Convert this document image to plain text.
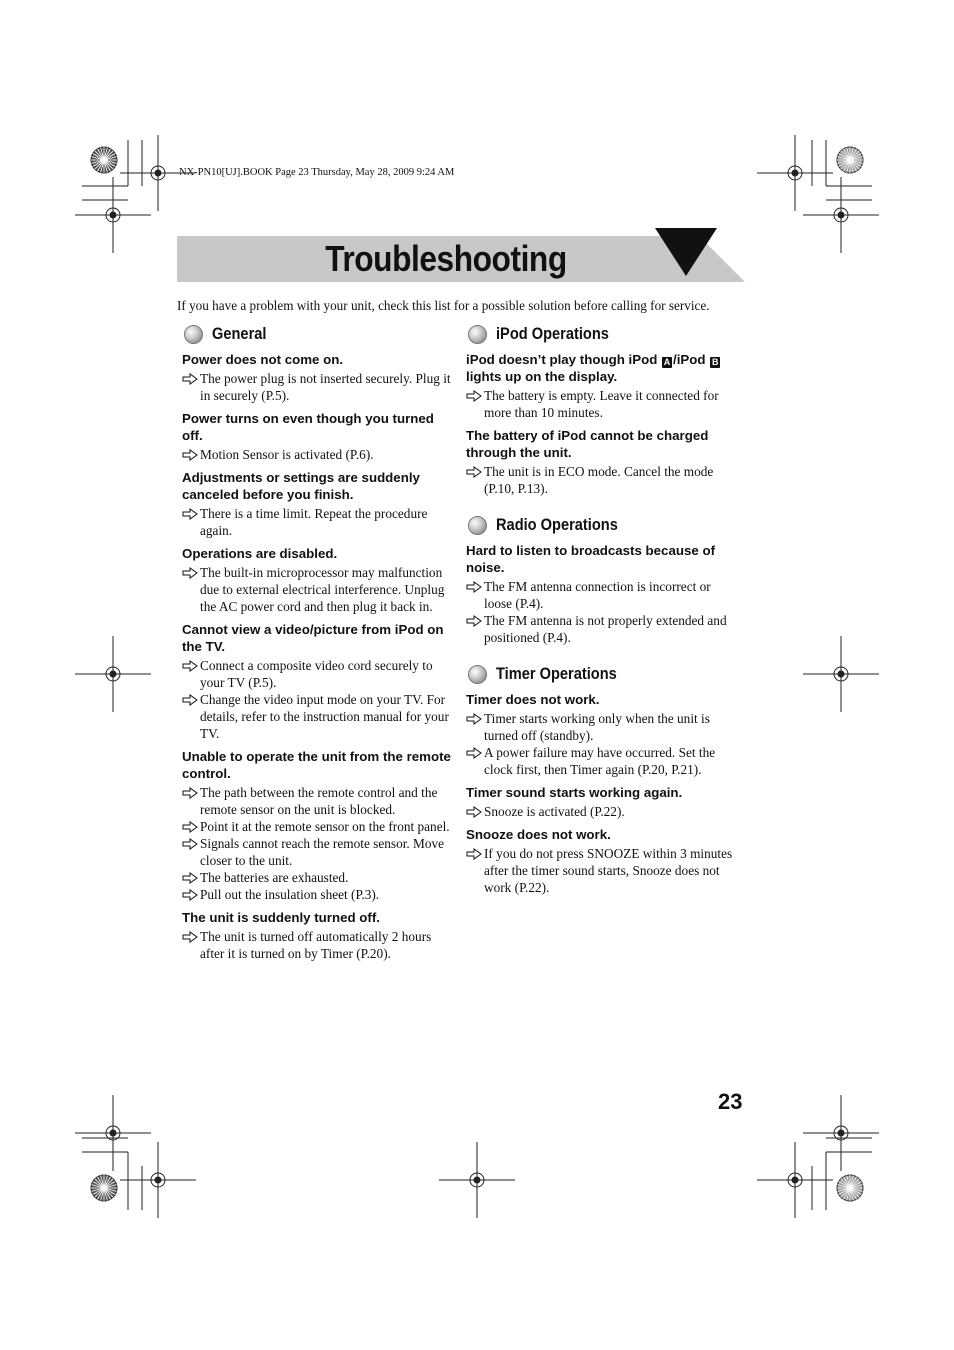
NX-PN10[UJ].BOOK Page 23 Thursday, May 28, 2009 9:24 AM
Troubleshooting
If you have a problem with your unit, check this list for a possible solution before calling for service.
General
Power does not come on.
The power plug is not inserted securely. Plug it in securely (P.5).
Power turns on even though you turned off.
Motion Sensor is activated (P.6).
Adjustments or settings are suddenly canceled before you finish.
There is a time limit. Repeat the procedure again.
Operations are disabled.
The built-in microprocessor may malfunction due to external electrical interference. Unplug the AC power cord and then plug it back in.
Cannot view a video/picture from iPod on the TV.
Connect a composite video cord securely to your TV (P.5).
Change the video input mode on your TV. For details, refer to the instruction manual for your TV.
Unable to operate the unit from the remote control.
The path between the remote control and the remote sensor on the unit is blocked.
Point it at the remote sensor on the front panel.
Signals cannot reach the remote sensor. Move closer to the unit.
The batteries are exhausted.
Pull out the insulation sheet (P.3).
The unit is suddenly turned off.
The unit is turned off automatically 2 hours after it is turned on by Timer (P.20).
iPod Operations
iPod doesn’t play though iPod A /iPod B lights up on the display.
The battery is empty. Leave it connected for more than 10 minutes.
The battery of iPod cannot be charged through the unit.
The unit is in ECO mode. Cancel the mode (P.10, P.13).
Radio Operations
Hard to listen to broadcasts because of noise.
The FM antenna connection is incorrect or loose (P.4).
The FM antenna is not properly extended and positioned (P.4).
Timer Operations
Timer does not work.
Timer starts working only when the unit is turned off (standby).
A power failure may have occurred. Set the clock first, then Timer again (P.20, P.21).
Timer sound starts working again.
Snooze is activated (P.22).
Snooze does not work.
If you do not press SNOOZE within 3 minutes after the timer sound starts, Snooze does not work (P.22).
23
